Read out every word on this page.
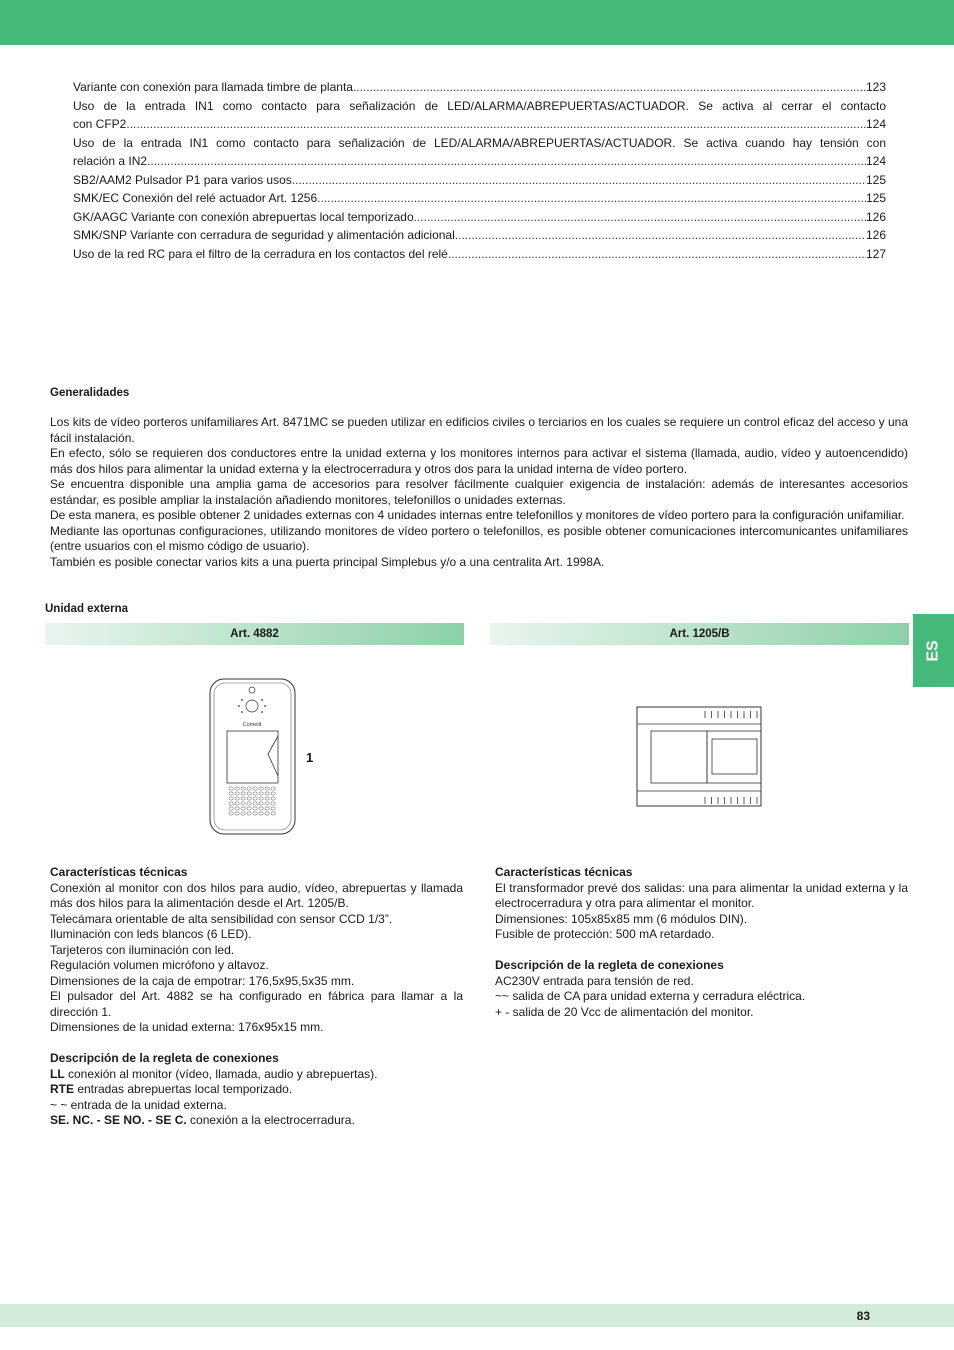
ES
Variante con conexión para llamada timbre de planta .....	123
Uso de la entrada IN1 como contacto para señalización de LED/ALARMA/ABREPUERTAS/ACTUADOR. Se activa al cerrar el contacto
con CFP2 .....	124
Uso de la entrada IN1 como contacto para señalización de LED/ALARMA/ABREPUERTAS/ACTUADOR. Se activa cuando hay tensión con
relación a IN2 .....	124
SB2/AAM2 Pulsador P1 para varios usos .....	125
SMK/EC Conexión del relé actuador Art. 1256 .....	125
GK/AAGC Variante con conexión abrepuertas local temporizado .....	126
SMK/SNP Variante con cerradura de seguridad y alimentación adicional .....	126
Uso de la red RC para el filtro de la cerradura en los contactos del relé .....	127
Generalidades

Los kits de vídeo porteros unifamiliares Art. 8471MC se pueden utilizar en edificios civiles o terciarios en los cuales se requiere un control eficaz del acceso y una fácil instalación.

En efecto, sólo se requieren dos conductores entre la unidad externa y los monitores internos para activar el sistema (llamada, audio, vídeo y autoencendido) más dos hilos para alimentar la unidad externa y la electrocerradura y otros dos para la unidad interna de vídeo portero.

Se encuentra disponible una amplia gama de accesorios para resolver fácilmente cualquier exigencia de instalación: además de interesantes accesorios estándar, es posible ampliar la instalación añadiendo monitores, telefonillos o unidades externas.

De esta manera, es posible obtener 2 unidades externas con 4 unidades internas entre telefonillos y monitores de vídeo portero para la configuración unifamiliar.

Mediante las oportunas configuraciones, utilizando monitores de vídeo portero o telefonillos, es posible obtener comunicaciones intercomunicantes unifamiliares (entre usuarios con el mismo código de usuario).

También es posible conectar varios kits a una puerta principal Simplebus y/o a una centralita Art. 1998A.

Unidad externa
Art. 4882	Art. 1205/B
Comelit
1

Características técnicas

Conexión al monitor con dos hilos para audio, vídeo, abrepuertas y llamada más dos hilos para la alimentación desde el Art. 1205/B.

Telecámara orientable de alta sensibilidad con sensor CCD 1/3”.

Iluminación con leds blancos (6 LED).

Tarjeteros con iluminación con led.

Regulación volumen micrófono y altavoz.

Dimensiones de la caja de empotrar: 176,5x95,5x35 mm.

El pulsador del Art. 4882 se ha configurado en fábrica para llamar a la dirección 1.

Dimensiones de la unidad externa: 176x95x15 mm.

Descripción de la regleta de conexiones

LL conexión al monitor (vídeo, llamada, audio y abrepuertas).

RTE entradas abrepuertas local temporizado.

~ ~ entrada de la unidad externa.

SE. NC. - SE NO. - SE C. conexión a la electrocerradura.

Características técnicas

El transformador prevé dos salidas: una para alimentar la unidad externa y la electrocerradura y otra para alimentar el monitor.

Dimensiones: 105x85x85 mm (6 módulos DIN).

Fusible de protección: 500 mA retardado.

Descripción de la regleta de conexiones

AC230V entrada para tensión de red.

~~ salida de CA para unidad externa y cerradura eléctrica.

+ - salida de 20 Vcc de alimentación del monitor.

83
